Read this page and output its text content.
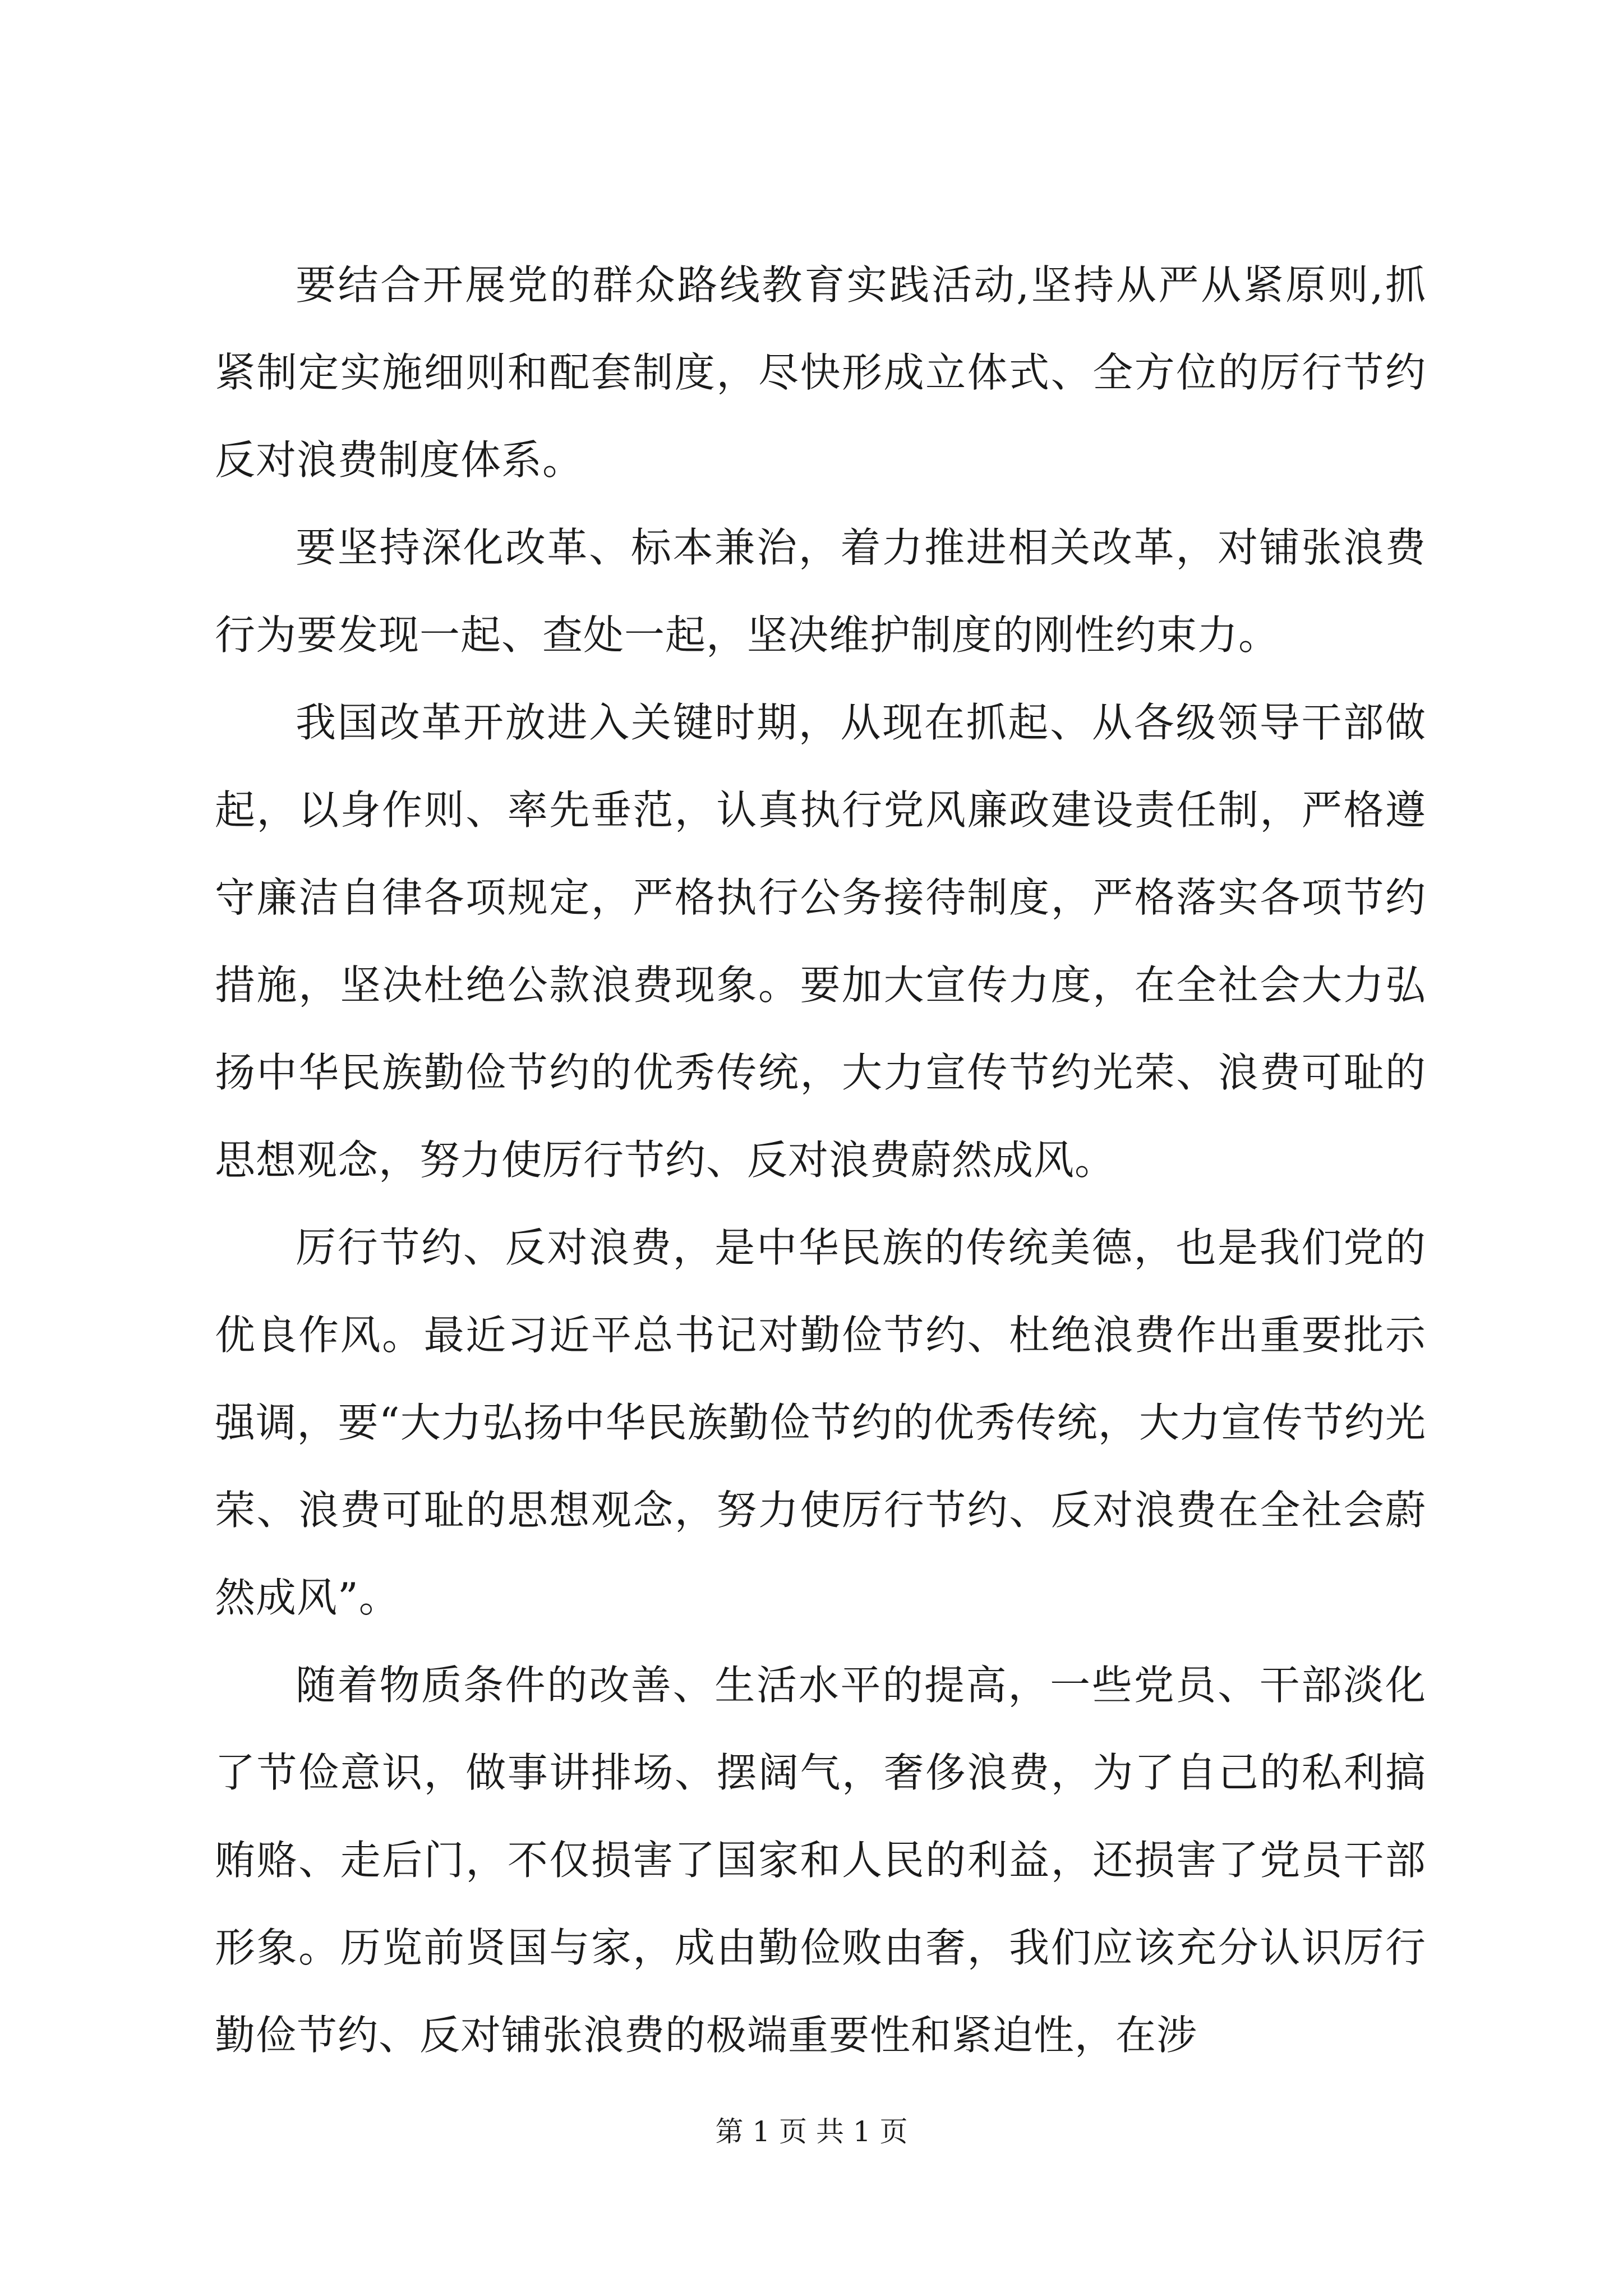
要结合开展党的群众路线教育实践活动,坚持从严从紧原则,抓紧制定实施细则和配套制度，尽快形成立体式、全方位的厉行节约反对浪费制度体系。

要坚持深化改革、标本兼治，着力推进相关改革，对铺张浪费行为要发现一起、查处一起，坚决维护制度的刚性约束力。

我国改革开放进入关键时期，从现在抓起、从各级领导干部做起，以身作则、率先垂范，认真执行党风廉政建设责任制，严格遵守廉洁自律各项规定，严格执行公务接待制度，严格落实各项节约措施，坚决杜绝公款浪费现象。要加大宣传力度，在全社会大力弘扬中华民族勤俭节约的优秀传统，大力宣传节约光荣、浪费可耻的思想观念，努力使厉行节约、反对浪费蔚然成风。

厉行节约、反对浪费，是中华民族的传统美德，也是我们党的优良作风。最近习近平总书记对勤俭节约、杜绝浪费作出重要批示强调，要“大力弘扬中华民族勤俭节约的优秀传统，大力宣传节约光荣、浪费可耻的思想观念，努力使厉行节约、反对浪费在全社会蔚然成风”。

随着物质条件的改善、生活水平的提高，一些党员、干部淡化了节俭意识，做事讲排场、摆阔气，奢侈浪费，为了自己的私利搞贿赂、走后门，不仅损害了国家和人民的利益，还损害了党员干部形象。历览前贤国与家，成由勤俭败由奢，我们应该充分认识厉行勤俭节约、反对铺张浪费的极端重要性和紧迫性，在涉

第 1 页 共 1 页
